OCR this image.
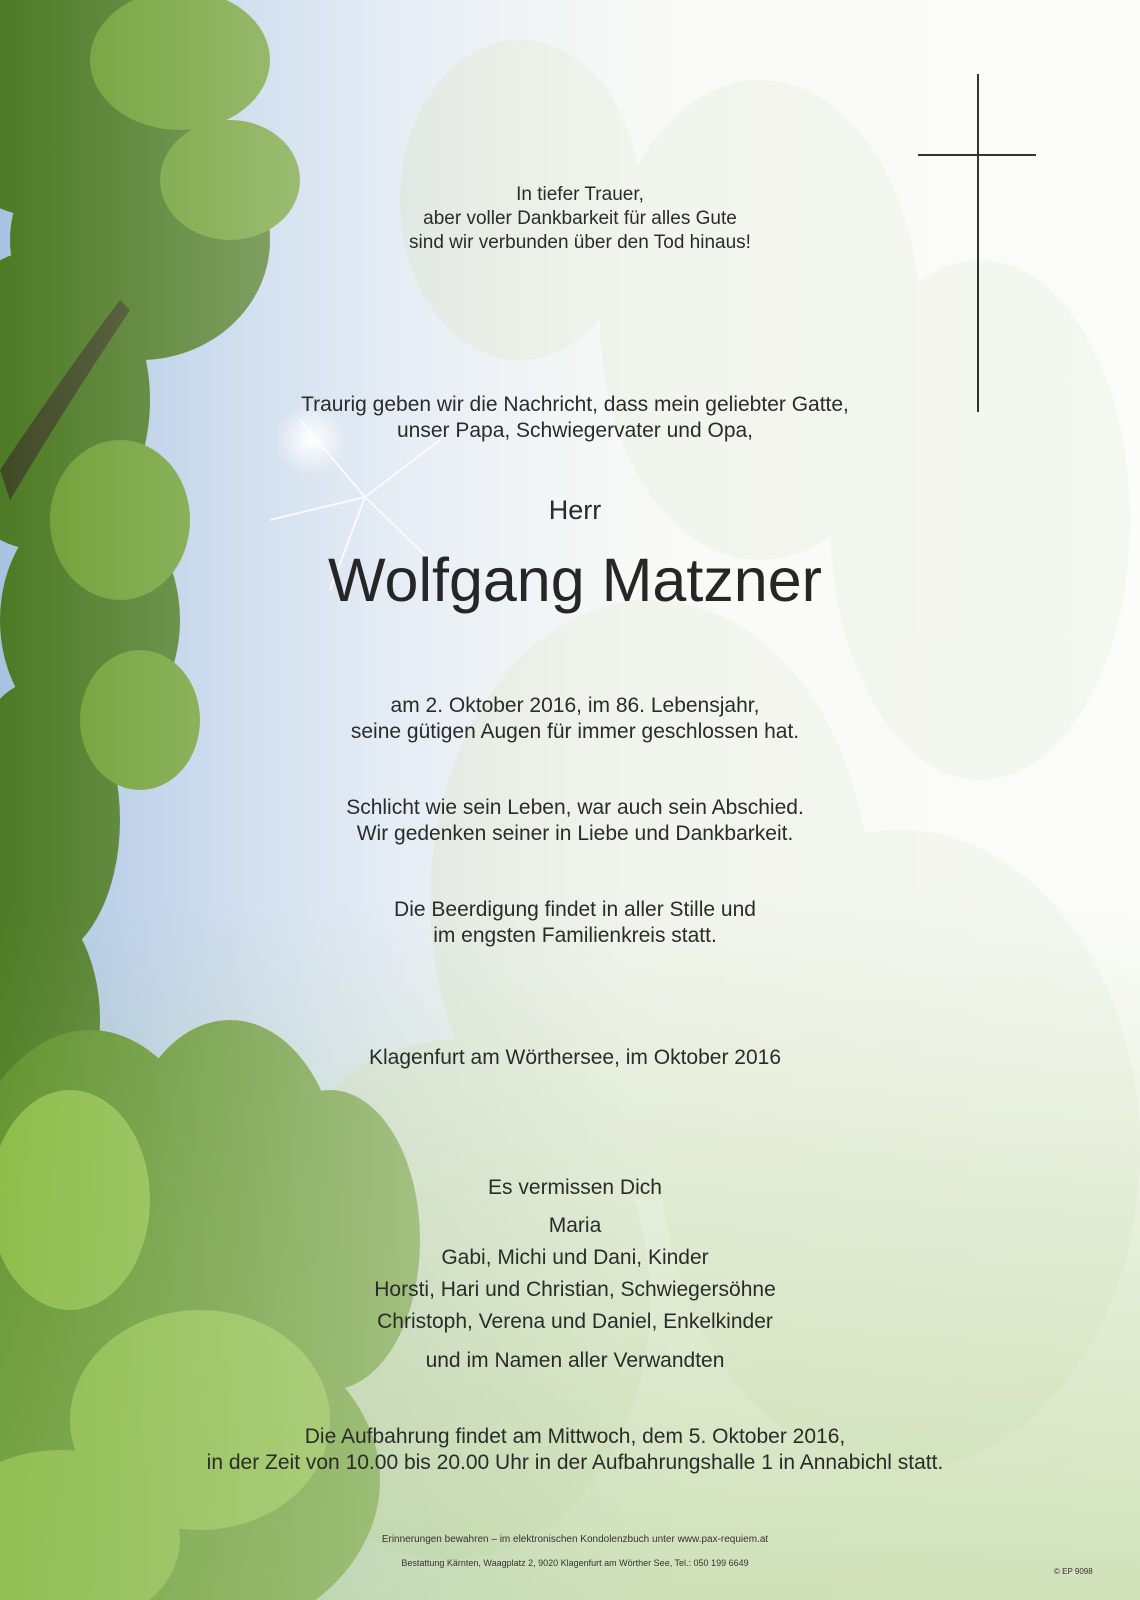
In tiefer Trauer,
aber voller Dankbarkeit für alles Gute
sind wir verbunden über den Tod hinaus!
Traurig geben wir die Nachricht, dass mein geliebter Gatte,
unser Papa, Schwiegervater und Opa,
Herr
Wolfgang Matzner
am 2. Oktober 2016, im 86. Lebensjahr,
seine gütigen Augen für immer geschlossen hat.
Schlicht wie sein Leben, war auch sein Abschied.
Wir gedenken seiner in Liebe und Dankbarkeit.
Die Beerdigung findet in aller Stille und
im engsten Familienkreis statt.
Klagenfurt am Wörthersee, im Oktober 2016
Es vermissen Dich
Maria
Gabi, Michi und Dani, Kinder
Horsti, Hari und Christian, Schwiegersöhne
Christoph, Verena und Daniel, Enkelkinder
und im Namen aller Verwandten
Die Aufbahrung findet am Mittwoch, dem 5. Oktober 2016,
in der Zeit von 10.00 bis 20.00 Uhr in der Aufbahrungshalle 1 in Annabichl statt.
Erinnerungen bewahren – im elektronischen Kondolenzbuch unter www.pax-requiem.at
Bestattung Kärnten, Waagplatz 2, 9020 Klagenfurt am Wörther See, Tel.: 050 199 6649
© EP 9098
